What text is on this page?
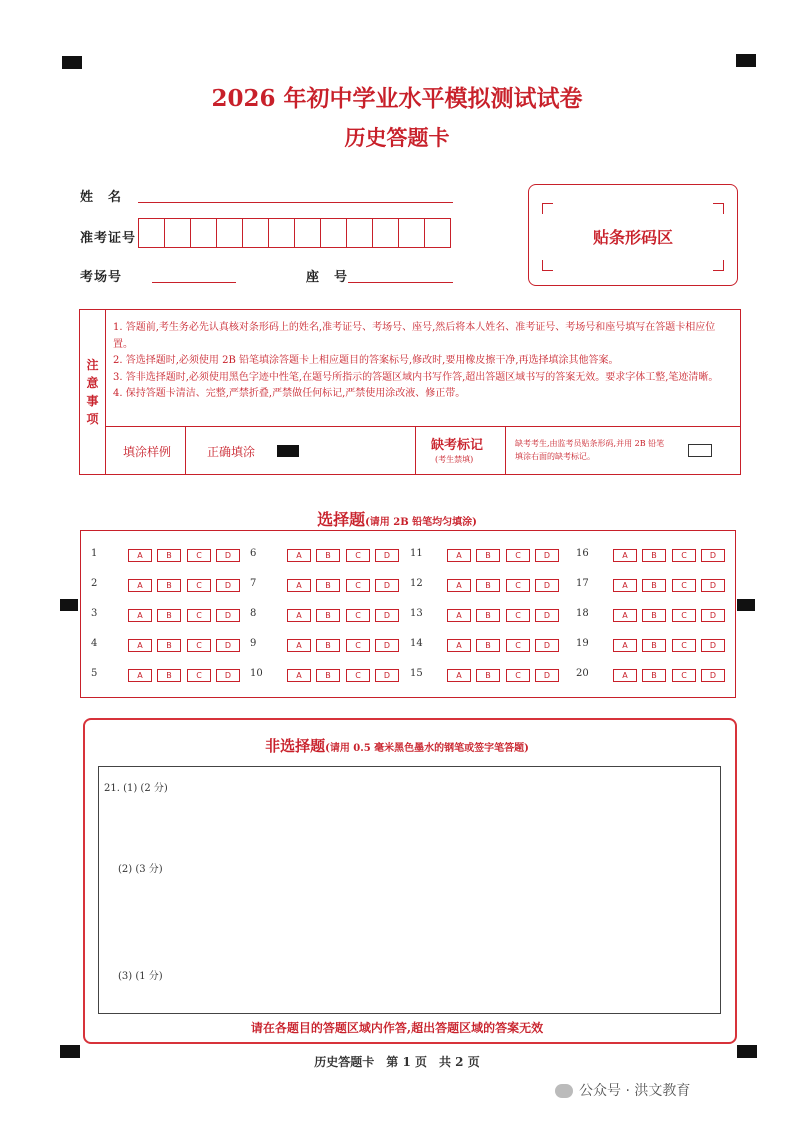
2026 年初中学业水平模拟测试试卷
历史答题卡
姓　名
准考证号
考场号	座　号
贴条形码区
注
意
事
项
1. 答题前,考生务必先认真核对条形码上的姓名,准考证号、考场号、座号,然后将本人姓名、准考证号、考场号和座号填写在答题卡相应位置。
2. 答选择题时,必须使用 2B 铅笔填涂答题卡上相应题目的答案标号,修改时,要用橡皮擦干净,再选择填涂其他答案。
3. 答非选择题时,必须使用黑色字迹中性笔,在题号所指示的答题区域内书写作答,超出答题区域书写的答案无效。要求字体工整,笔迹清晰。
4. 保持答题卡清洁、完整,严禁折叠,严禁做任何标记,严禁使用涂改液、修正带。
填涂样例	正确填涂	缺考标记
(考生禁填)
缺考考生,由监考员贴条形码,并用 2B 铅笔填涂右面的缺考标记。
选择题(请用 2B 铅笔均匀填涂)
1	A	B	C	D
2	A	B	C	D
3	A	B	C	D
4	A	B	C	D
5	A	B	C	D
6	A	B	C	D
7	A	B	C	D
8	A	B	C	D
9	A	B	C	D
10	A	B	C	D
11	A	B	C	D
12	A	B	C	D
13	A	B	C	D
14	A	B	C	D
15	A	B	C	D
16	A	B	C	D
17	A	B	C	D
18	A	B	C	D
19	A	B	C	D
20	A	B	C	D
非选择题(请用 0.5 毫米黑色墨水的钢笔或签字笔答题)
21. (1) (2 分)
(2) (3 分)
(3) (1 分)
请在各题目的答题区域内作答,超出答题区域的答案无效
历史答题卡　第 1 页　共 2 页
公众号 · 洪文教育
